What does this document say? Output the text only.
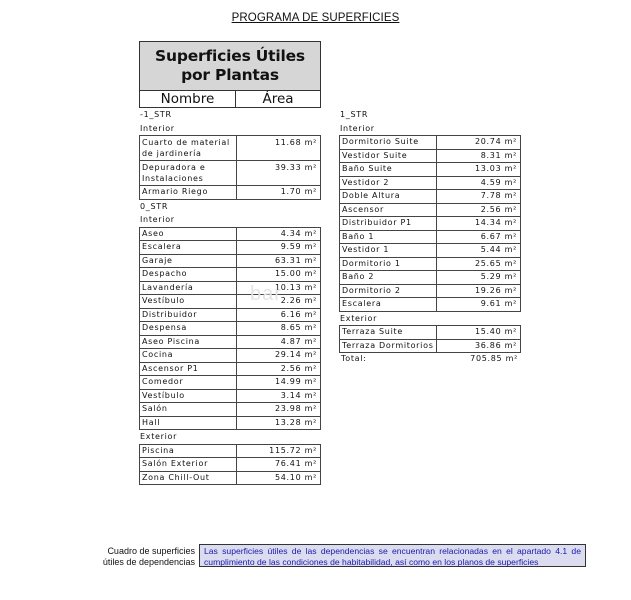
PROGRAMA DE SUPERFICIES
Superficies Útiles por Plantas
Nombre	Área
-1_STR
Interior
Cuarto de material de jardinería	11.68 m²
Depuradora e Instalaciones	39.33 m²
Armario Riego	1.70 m²
0_STR
Interior
Aseo	4.34 m²
Escalera	9.59 m²
Garaje	63.31 m²
Despacho	15.00 m²
Lavandería	10.13 m²
Vestíbulo	2.26 m²
Distribuidor	6.16 m²
Despensa	8.65 m²
Aseo Piscina	4.87 m²
Cocina	29.14 m²
Ascensor P1	2.56 m²
Comedor	14.99 m²
Vestíbulo	3.14 m²
Salón	23.98 m²
Hall	13.28 m²
Exterior
Piscina	115.72 m²
Salón Exterior	76.41 m²
Zona Chill-Out	54.10 m²
1_STR
Interior
Dormitorio Suite	20.74 m²
Vestidor Suite	8.31 m²
Baño Suite	13.03 m²
Vestidor 2	4.59 m²
Doble Altura	7.78 m²
Ascensor	2.56 m²
Distribuidor P1	14.34 m²
Baño 1	6.67 m²
Vestidor 1	5.44 m²
Dormitorio 1	25.65 m²
Baño 2	5.29 m²
Dormitorio 2	19.26 m²
Escalera	9.61 m²
Exterior
Terraza Suite	15.40 m²
Terraza Dormitorios	36.86 m²
Total:	705.85 m²
bar
Cuadro de superficies útiles de dependencias
Las superficies útiles de las dependencias se encuentran relacionadas en el apartado 4.1 de cumplimiento de las condiciones de habitabilidad, así como en los planos de superficies
